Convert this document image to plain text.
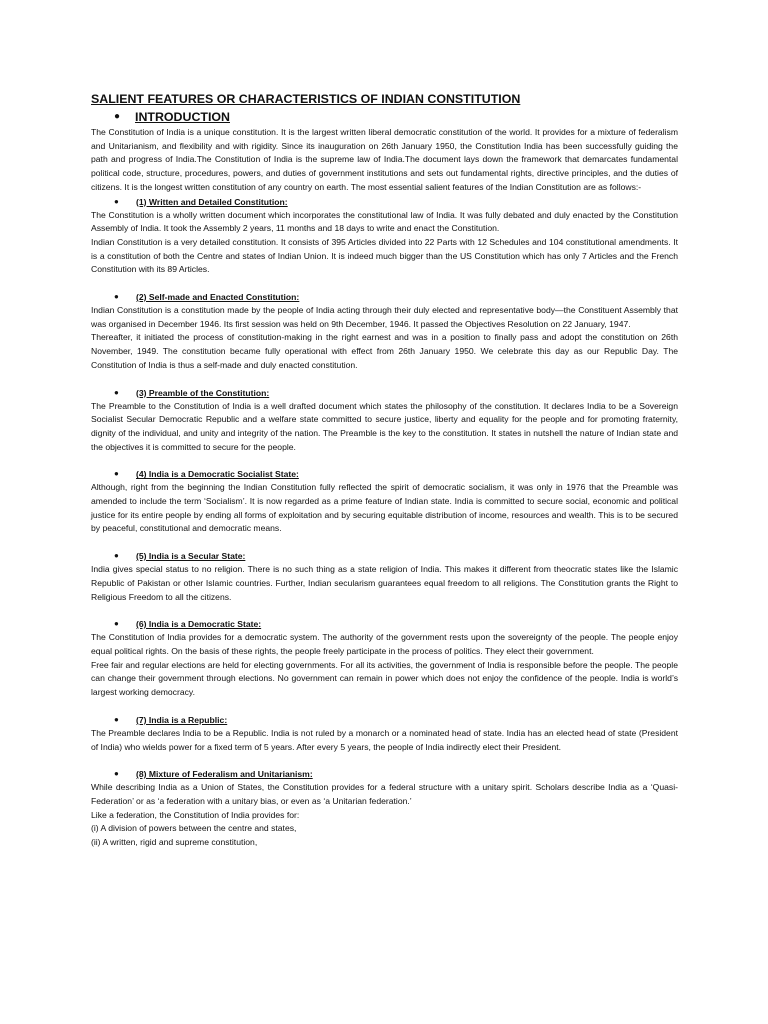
SALIENT FEATURES OR CHARACTERISTICS OF INDIAN CONSTITUTION
● INTRODUCTION

The Constitution of India is a unique constitution. It is the largest written liberal democratic constitution of the world. It provides for a mixture of federalism and Unitarianism, and flexibility and with rigidity. Since its inauguration on 26th January 1950, the Constitution India has been successfully guiding the path and progress of India.The Constitution of India is the supreme law of India.The document lays down the framework that demarcates fundamental political code, structure, procedures, powers, and duties of government institutions and sets out fundamental rights, directive principles, and the duties of citizens. It is the longest written constitution of any country on earth. The most essential salient features of the Indian Constitution are as follows:-

● (1) Written and Detailed Constitution:

The Constitution is a wholly written document which incorporates the constitutional law of India. It was fully debated and duly enacted by the Constitution Assembly of India. It took the Assembly 2 years, 11 months and 18 days to write and enact the Constitution.

Indian Constitution is a very detailed constitution. It consists of 395 Articles divided into 22 Parts with 12 Schedules and 104 constitutional amendments. It is a constitution of both the Centre and states of Indian Union. It is indeed much bigger than the US Constitution which has only 7 Articles and the French Constitution with its 89 Articles.

● (2) Self-made and Enacted Constitution:

Indian Constitution is a constitution made by the people of India acting through their duly elected and representative body—the Constituent Assembly that was organised in December 1946. Its first session was held on 9th December, 1946. It passed the Objectives Resolution on 22 January, 1947.

Thereafter, it initiated the process of constitution-making in the right earnest and was in a position to finally pass and adopt the constitution on 26th November, 1949. The constitution became fully operational with effect from 26th January 1950. We celebrate this day as our Republic Day. The Constitution of India is thus a self-made and duly enacted constitution.

● (3) Preamble of the Constitution:

The Preamble to the Constitution of India is a well drafted document which states the philosophy of the constitution. It declares India to be a Sovereign Socialist Secular Democratic Republic and a welfare state committed to secure justice, liberty and equality for the people and for promoting fraternity, dignity of the individual, and unity and integrity of the nation. The Preamble is the key to the constitution. It states in nutshell the nature of Indian state and the objectives it is committed to secure for the people.

● (4) India is a Democratic Socialist State:

Although, right from the beginning the Indian Constitution fully reflected the spirit of democratic socialism, it was only in 1976 that the Preamble was amended to include the term ‘Socialism’. It is now regarded as a prime feature of Indian state. India is committed to secure social, economic and political justice for its entire people by ending all forms of exploitation and by securing equitable distribution of income, resources and wealth. This is to be secured by peaceful, constitutional and democratic means.

● (5) India is a Secular State:

India gives special status to no religion. There is no such thing as a state religion of India. This makes it different from theocratic states like the Islamic Republic of Pakistan or other Islamic countries. Further, Indian secularism guarantees equal freedom to all religions. The Constitution grants the Right to Religious Freedom to all the citizens.

● (6) India is a Democratic State:

The Constitution of India provides for a democratic system. The authority of the government rests upon the sovereignty of the people. The people enjoy equal political rights. On the basis of these rights, the people freely participate in the process of politics. They elect their government.

Free fair and regular elections are held for electing governments. For all its activities, the government of India is responsible before the people. The people can change their government through elections. No government can remain in power which does not enjoy the confidence of the people. India is world’s largest working democracy.

● (7) India is a Republic:

The Preamble declares India to be a Republic. India is not ruled by a monarch or a nominated head of state. India has an elected head of state (President of India) who wields power for a fixed term of 5 years. After every 5 years, the people of India indirectly elect their President.

● (8) Mixture of Federalism and Unitarianism:

While describing India as a Union of States, the Constitution provides for a federal structure with a unitary spirit. Scholars describe India as a ‘Quasi-Federation’ or as ‘a federation with a unitary bias, or even as ‘a Unitarian federation.’

Like a federation, the Constitution of India provides for:

(i) A division of powers between the centre and states,

(ii) A written, rigid and supreme constitution,
